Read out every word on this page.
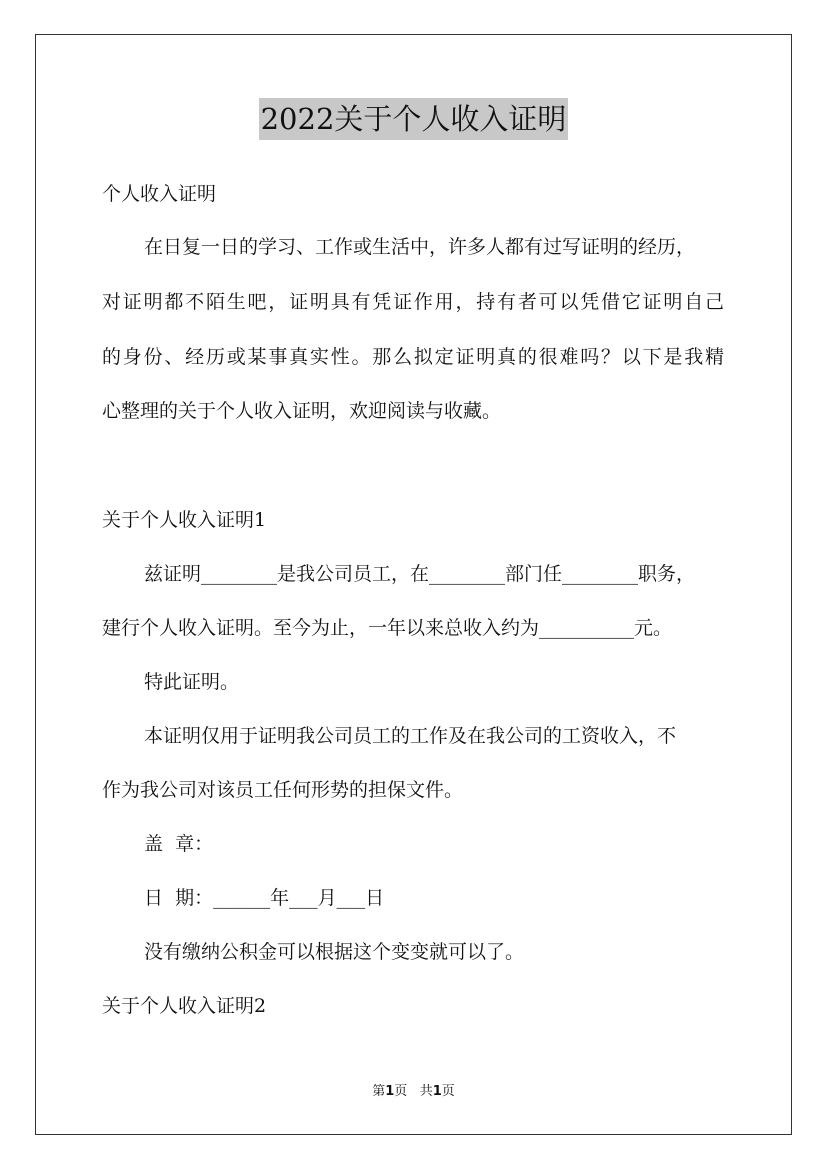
2022关于个人收入证明
个人收入证明
在日复一日的学习、工作或生活中，许多人都有过写证明的经历，
对证明都不陌生吧，证明具有凭证作用，持有者可以凭借它证明自己
的身份、经历或某事真实性。那么拟定证明真的很难吗？以下是我精
心整理的关于个人收入证明，欢迎阅读与收藏。
关于个人收入证明1
兹证明________是我公司员工，在________部门任________职务，
建行个人收入证明。至今为止，一年以来总收入约为__________元。
特此证明。
本证明仅用于证明我公司员工的工作及在我公司的工资收入，不
作为我公司对该员工任何形势的担保文件。
盖  章：
日  期：______年___月___日
没有缴纳公积金可以根据这个变变就可以了。
关于个人收入证明2
第1页 共1页
